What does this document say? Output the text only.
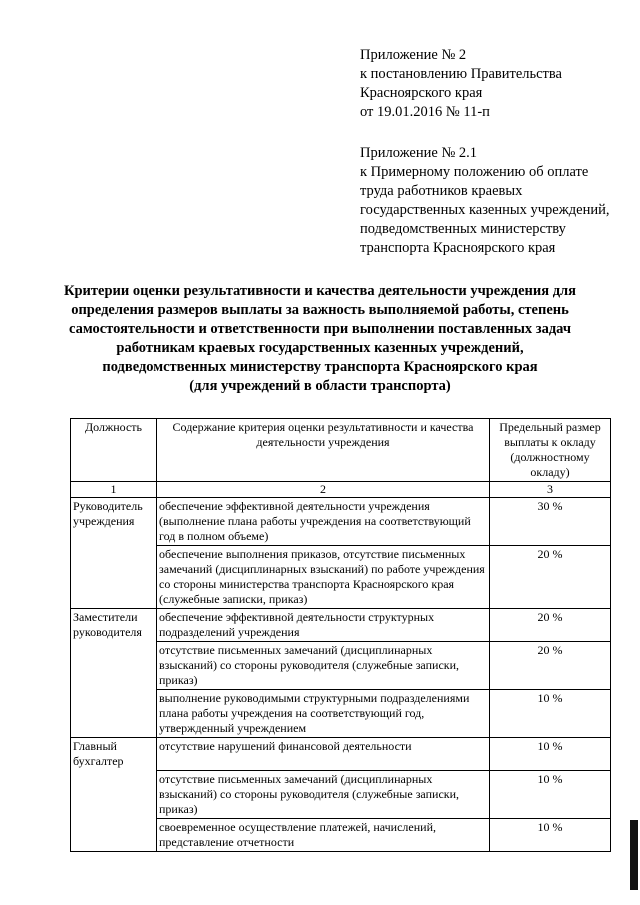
Приложение № 2

к постановлению Правительства

Красноярского края

от 19.01.2016 № 11-п

Приложение № 2.1

к Примерному положению об оплате

труда работников краевых

государственных казенных учреждений,

подведомственных министерству

транспорта Красноярского края

Критерии оценки результативности и качества деятельности учреждения для

определения размеров выплаты за важность выполняемой работы, степень

самостоятельности и ответственности при выполнении поставленных задач

работникам краевых государственных казенных учреждений,

подведомственных министерству транспорта Красноярского края

(для учреждений в области транспорта)

Должность	Содержание критерия оценки результативности и качества деятельности учреждения	Предельный размер выплаты к окладу (должностному окладу)
1	2	3
Руководитель учреждения	обеспечение эффективной деятельности учреждения (выполнение плана работы учреждения на соответствующий год в полном объеме)	30 %
	обеспечение выполнения приказов, отсутствие письменных замечаний (дисциплинарных взысканий) по работе учреждения со стороны министерства транспорта Красноярского края (служебные записки, приказ)	20 %
Заместители руководителя	обеспечение эффективной деятельности структурных подразделений учреждения	20 %
	отсутствие письменных замечаний (дисциплинарных взысканий) со стороны руководителя (служебные записки, приказ)	20 %
	выполнение руководимыми структурными подразделениями плана работы учреждения на соответствующий год, утвержденный учреждением	10 %
Главный бухгалтер	отсутствие нарушений финансовой деятельности	10 %
	отсутствие письменных замечаний (дисциплинарных взысканий) со стороны руководителя (служебные записки, приказ)	10 %
	своевременное осуществление платежей, начислений, представление отчетности	10 %
